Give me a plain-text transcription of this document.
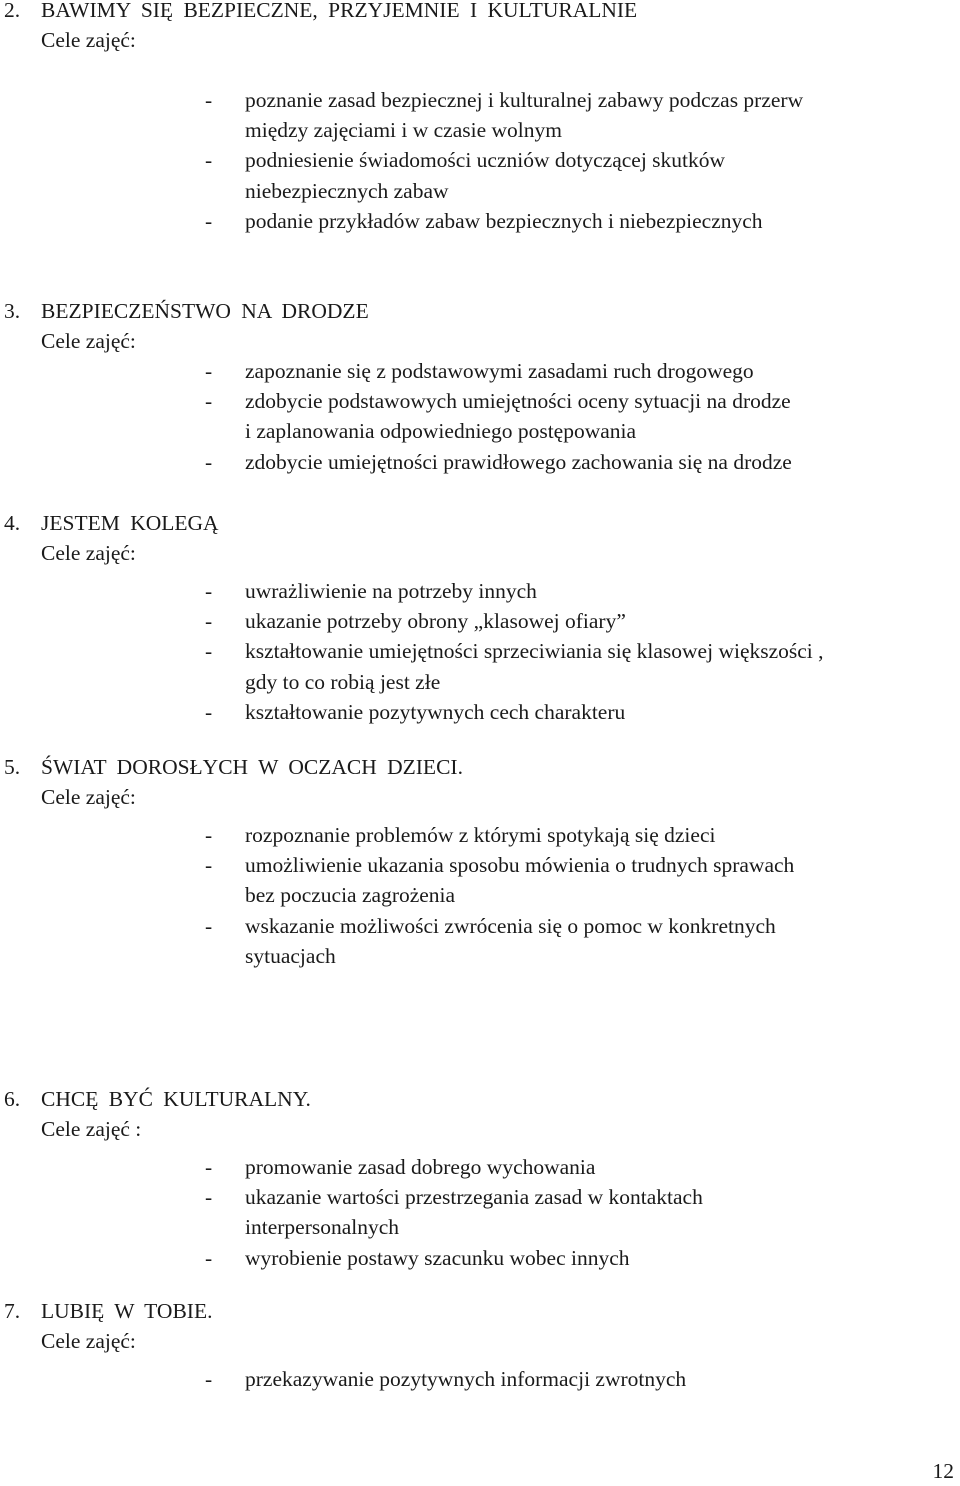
2. BAWIMY SIĘ BEZPIECZNE, PRZYJEMNIE I KULTURALNIE
Cele zajęć:
- poznanie zasad bezpiecznej i kulturalnej zabawy podczas przerw
między zajęciami i w czasie wolnym
- podniesienie świadomości uczniów dotyczącej skutków
niebezpiecznych zabaw
- podanie przykładów zabaw bezpiecznych i niebezpiecznych
3. BEZPIECZEŃSTWO NA DRODZE
Cele zajęć:
- zapoznanie się z podstawowymi zasadami ruch drogowego
- zdobycie podstawowych umiejętności oceny sytuacji na drodze
i zaplanowania odpowiedniego postępowania
- zdobycie umiejętności prawidłowego zachowania się na drodze
4. JESTEM KOLEGĄ
Cele zajęć:
- uwrażliwienie na potrzeby innych
- ukazanie potrzeby obrony „klasowej ofiary”
- kształtowanie umiejętności sprzeciwiania się klasowej większości ,
gdy to co robią jest złe
- kształtowanie pozytywnych cech charakteru
5. ŚWIAT DOROSŁYCH W OCZACH DZIECI.
Cele zajęć:
- rozpoznanie problemów z którymi spotykają się dzieci
- umożliwienie ukazania sposobu mówienia o trudnych sprawach
bez poczucia zagrożenia
- wskazanie możliwości zwrócenia się o pomoc w konkretnych
sytuacjach
6. CHCĘ BYĆ KULTURALNY.
Cele zajęć :
- promowanie zasad dobrego wychowania
- ukazanie wartości przestrzegania zasad w kontaktach
interpersonalnych
- wyrobienie postawy szacunku wobec innych
7. LUBIĘ W TOBIE.
Cele zajęć:
- przekazywanie pozytywnych informacji zwrotnych
12
